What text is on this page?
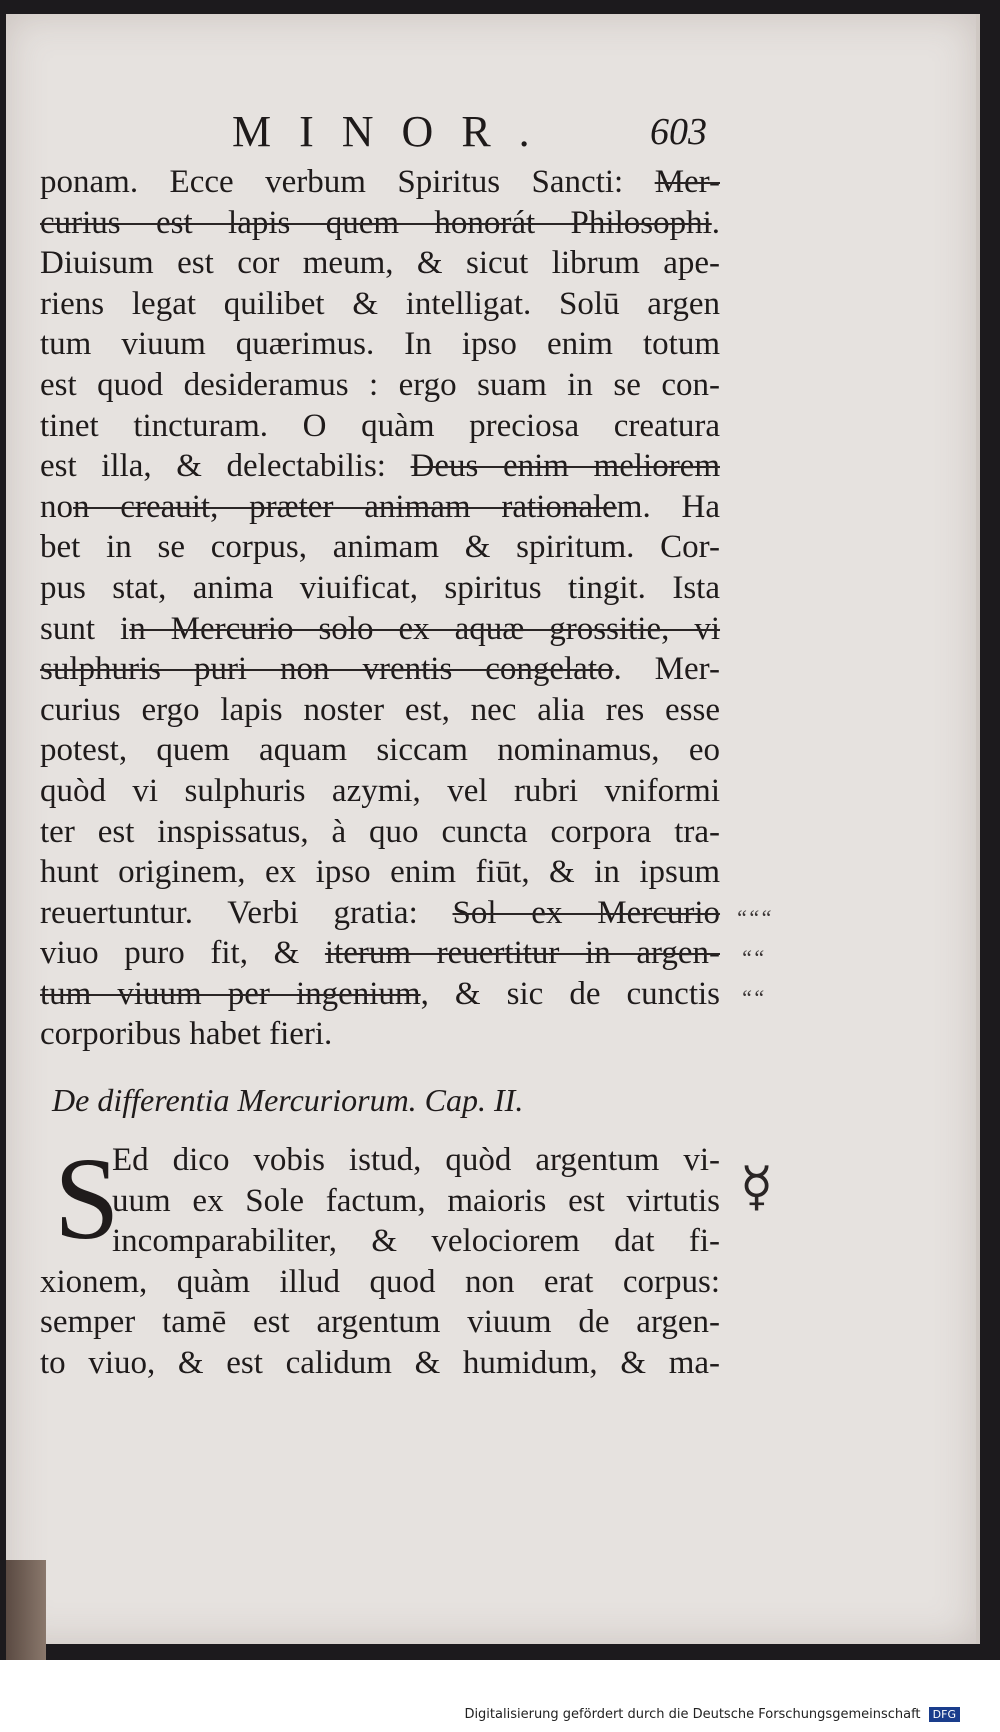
MINOR. 603
ponam. Ecce verbum Spiritus Sancti: Mer-
curius est lapis quem honorát Philosophi.
Diuisum est cor meum, & sicut librum ape-
riens legat quilibet & intelligat. Solū argen
tum viuum quærimus. In ipso enim totum
est quod desideramus : ergo suam in se con-
tinet tincturam. O quàm preciosa creatura
est illa, & delectabilis: Deus enim meliorem
non creauit, præter animam rationalem. Ha
bet in se corpus, animam & spiritum. Cor-
pus stat, anima viuificat, spiritus tingit. Ista
sunt in Mercurio solo ex aquæ grossitie, vi
sulphuris puri non vrentis congelato. Mer-
curius ergo lapis noster est, nec alia res esse
potest, quem aquam siccam nominamus, eo
quòd vi sulphuris azymi, vel rubri vniformi
ter est inspissatus, à quo cuncta corpora tra-
hunt originem, ex ipso enim fiūt, & in ipsum
reuertuntur. Verbi gratia: Sol ex Mercurio
viuo puro fit, & iterum reuertitur in argen-
tum viuum per ingenium, & sic de cunctis
corporibus habet fieri.
“““
““
““
De differentia Mercuriorum. Cap. II.
S
Ed dico vobis istud, quòd argentum vi-
uum ex Sole factum, maioris est virtutis
incomparabiliter, & velociorem dat fi-
xionem, quàm illud quod non erat corpus:
semper tamē est argentum viuum de argen-
to viuo, & est calidum & humidum, & ma-
☿
Digitalisierung gefördert durch die Deutsche Forschungsgemeinschaft DFG
